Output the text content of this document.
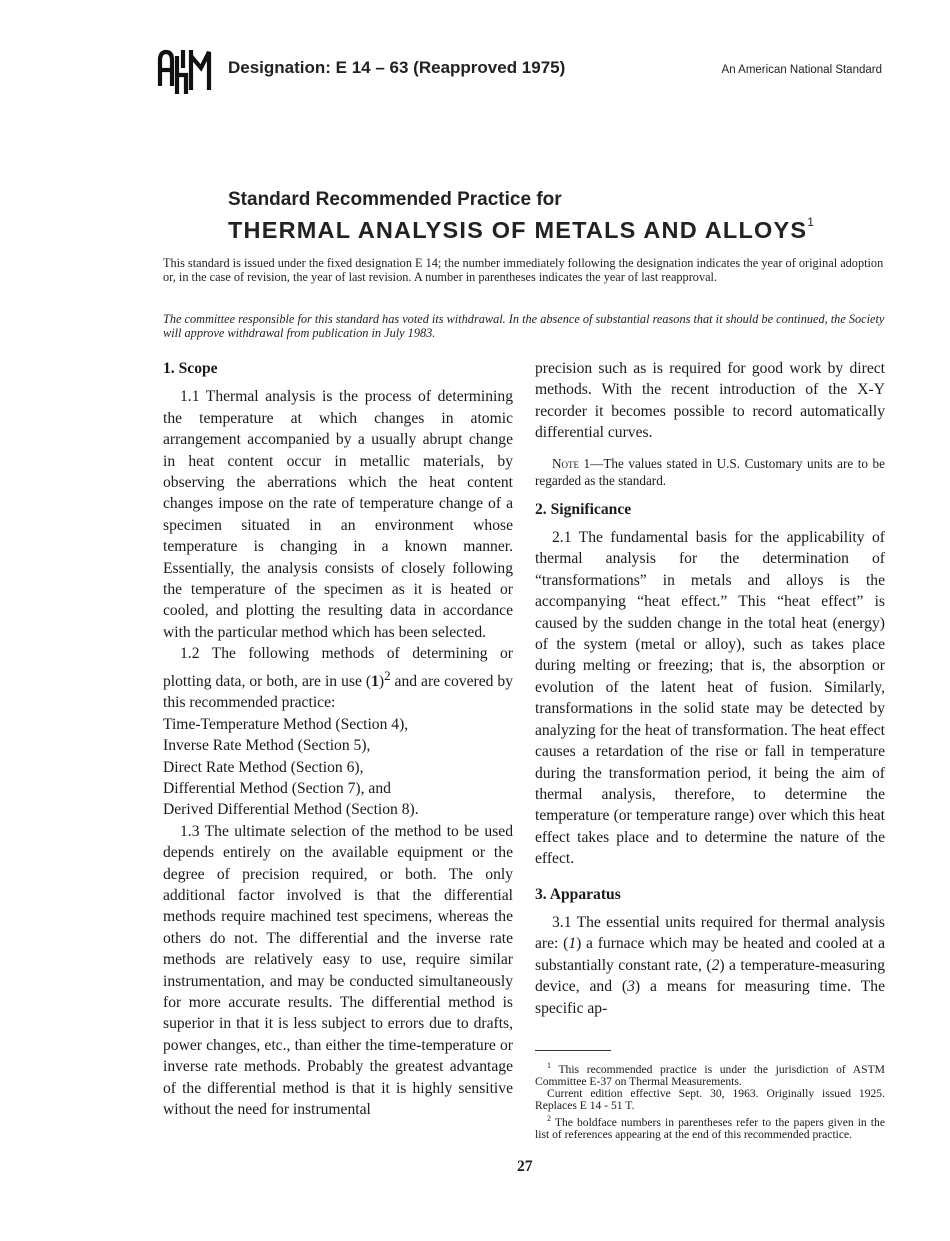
Designation: E 14 – 63 (Reapproved 1975)	An American National Standard
Standard Recommended Practice for
THERMAL ANALYSIS OF METALS AND ALLOYS$^1$
This standard is issued under the fixed designation E 14; the number immediately following the designation indicates the year of original adoption or, in the case of revision, the year of last revision. A number in parentheses indicates the year of last reapproval.
The committee responsible for this standard has voted its withdrawal. In the absence of substantial reasons that it should be continued, the Society will approve withdrawal from publication in July 1983.
1. Scope

1.1 Thermal analysis is the process of determining the temperature at which changes in atomic arrangement accompanied by a usually abrupt change in heat content occur in metallic materials, by observing the aberrations which the heat content changes impose on the rate of temperature change of a specimen situated in an environment whose temperature is changing in a known manner. Essentially, the analysis consists of closely following the temperature of the specimen as it is heated or cooled, and plotting the resulting data in accordance with the particular method which has been selected.

1.2 The following methods of determining or plotting data, or both, are in use $(1)^2$ and are covered by this recommended practice:

Time-Temperature Method (Section 4),

Inverse Rate Method (Section 5),

Direct Rate Method (Section 6),

Differential Method (Section 7), and

Derived Differential Method (Section 8).

1.3 The ultimate selection of the method to be used depends entirely on the available equipment or the degree of precision required, or both. The only additional factor involved is that the differential methods require machined test specimens, whereas the others do not. The differential and the inverse rate methods are relatively easy to use, require similar instrumentation, and may be conducted simultaneously for more accurate results. The differential method is superior in that it is less subject to errors due to drafts, power changes, etc., than either the time-temperature or inverse rate methods. Probably the greatest advantage of the differential method is that it is highly sensitive without the need for instrumental

precision such as is required for good work by direct methods. With the recent introduction of the X-Y recorder it becomes possible to record automatically differential curves.

Note 1—The values stated in U.S. Customary units are to be regarded as the standard.

2. Significance

2.1 The fundamental basis for the applicability of thermal analysis for the determination of “transformations” in metals and alloys is the accompanying “heat effect.” This “heat effect” is caused by the sudden change in the total heat (energy) of the system (metal or alloy), such as takes place during melting or freezing; that is, the absorption or evolution of the latent heat of fusion. Similarly, transformations in the solid state may be detected by analyzing for the heat of transformation. The heat effect causes a retardation of the rise or fall in temperature during the transformation period, it being the aim of thermal analysis, therefore, to determine the temperature (or temperature range) over which this heat effect takes place and to determine the nature of the effect.

3. Apparatus

3.1 The essential units required for thermal analysis are: (1) a furnace which may be heated and cooled at a substantially constant rate, (2) a temperature-measuring device, and (3) a means for measuring time. The specific ap-

$^1$ This recommended practice is under the jurisdiction of ASTM Committee E-37 on Thermal Measurements.

Current edition effective Sept. 30, 1963. Originally issued 1925. Replaces E 14 - 51 T.

$^2$ The boldface numbers in parentheses refer to the papers given in the list of references appearing at the end of this recommended practice.

27
